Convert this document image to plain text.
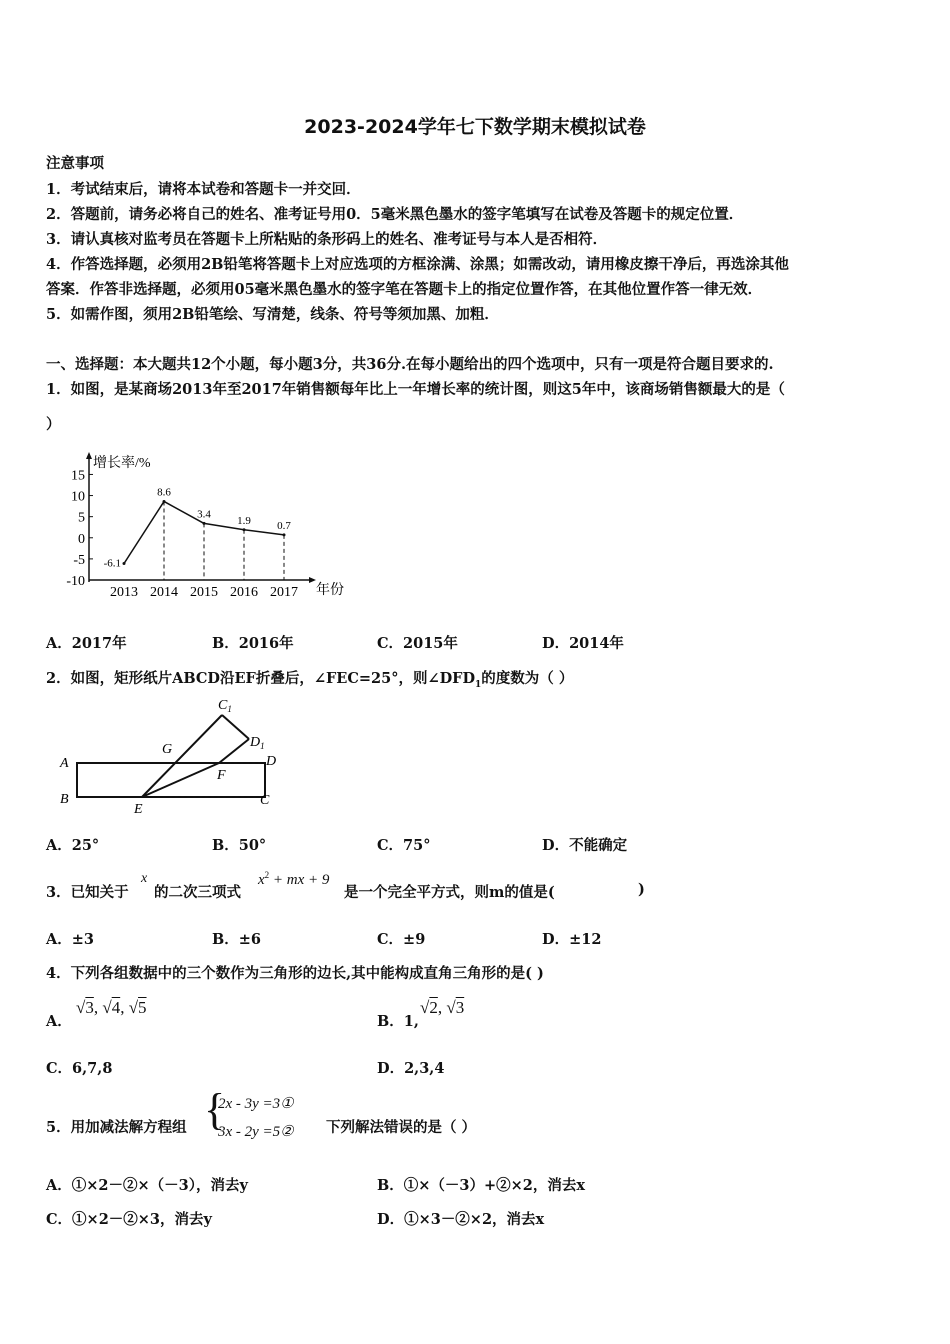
2023-2024学年七下数学期末模拟试卷
注意事项
1．考试结束后，请将本试卷和答题卡一并交回．
2．答题前，请务必将自己的姓名、准考证号用0．5毫米黑色墨水的签字笔填写在试卷及答题卡的规定位置．
3．请认真核对监考员在答题卡上所粘贴的条形码上的姓名、准考证号与本人是否相符．
4．作答选择题，必须用2B铅笔将答题卡上对应选项的方框涂满、涂黑；如需改动，请用橡皮擦干净后，再选涂其他
答案．作答非选择题，必须用05毫米黑色墨水的签字笔在答题卡上的指定位置作答，在其他位置作答一律无效．
5．如需作图，须用2B铅笔绘、写清楚，线条、符号等须加黑、加粗．
一、选择题：本大题共12个小题，每小题3分，共36分.在每小题给出的四个选项中，只有一项是符合题目要求的.
1．如图，是某商场2013年至2017年销售额每年比上一年增长率的统计图，则这5年中，该商场销售额最大的是（
）
增长率/%
年份
15
10
5
0
-5
-10
2013 2014 2015 2016 2017
-6.1
8.6
3.4
1.9 0.7
A．2017年	B．2016年	C．2015年	D．2014年
2．如图，矩形纸片ABCD沿EF折叠后，∠FEC=25°，则$\angle DFD_1$的度数为（ ）
A
B	C
D
E
F
G
$C_1$
$D_1$
A．25°	B．50°	C．75°	D．不能确定
3．已知关于
x
的二次三项式
$x^2$ + mx + 9
是一个完全平方式，则m的值是(	)
A．±3	B．±6	C．±9	D．±12
4．下列各组数据中的三个数作为三角形的边长,其中能构成直角三角形的是( )
A．
√3, √4, √5
B．1,
√2, √3
C．6,7,8	D．2,3,4
5．用加减法解方程组 {
2x - 3y =3①
3x - 2y =5② 下列解法错误的是（ ）
A．①×2－②×（－3），消去y	B．①×（－3）+②×2，消去x
C．①×2－②×3，消去y	D．①×3－②×2，消去x
